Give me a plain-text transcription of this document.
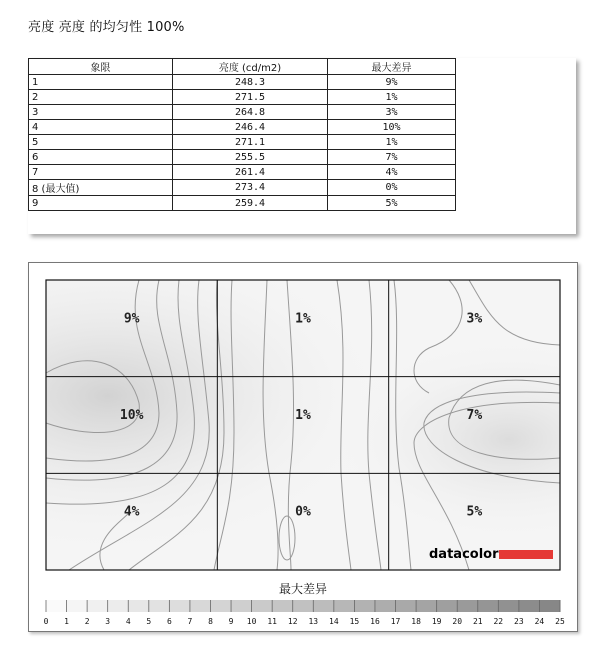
亮度 亮度 的均匀性 100%
象限	亮度 (cd/m2)	最大差异
1	248.3	9%
2	271.5	1%
3	264.8	3%
4	246.4	10%
5	271.1	1%
6	255.5	7%
7	261.4	4%
8 (最大值)	273.4	0%
9	259.4	5%
9%	1%	3%
10%	1%	7%
4%	0%	5%
datacolor
最大差异
0 1 2 3 4 5 6 7 8 9 10 11 12 13 14 15 16 17 18 19 20 21 22 23 24 25
